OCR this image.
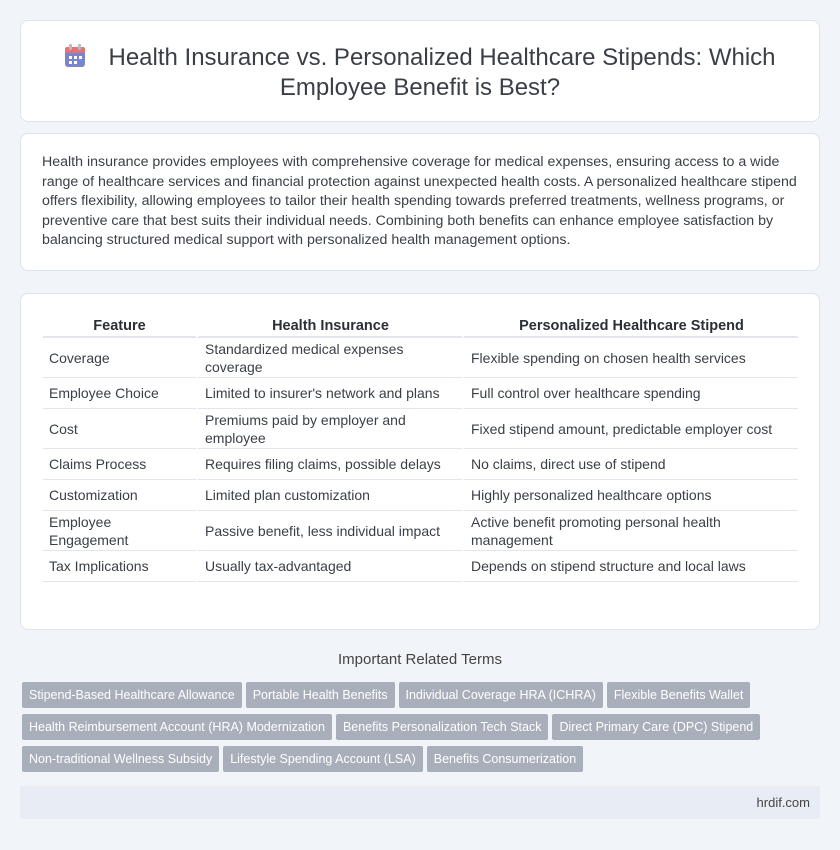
Health Insurance vs. Personalized Healthcare Stipends: Which
Employee Benefit is Best?

Health insurance provides employees with comprehensive coverage for medical expenses, ensuring access to a wide range of healthcare services and financial protection against unexpected health costs. A personalized healthcare stipend offers flexibility, allowing employees to tailor their health spending towards preferred treatments, wellness programs, or preventive care that best suits their individual needs. Combining both benefits can enhance employee satisfaction by balancing structured medical support with personalized health management options.

Feature	Health Insurance	Personalized Healthcare Stipend
Coverage	Standardized medical expenses coverage	Flexible spending on chosen health services
Employee Choice	Limited to insurer's network and plans	Full control over healthcare spending
Cost	Premiums paid by employer and employee	Fixed stipend amount, predictable employer cost
Claims Process	Requires filing claims, possible delays	No claims, direct use of stipend
Customization	Limited plan customization	Highly personalized healthcare options
Employee Engagement	Passive benefit, less individual impact	Active benefit promoting personal health management
Tax Implications	Usually tax-advantaged	Depends on stipend structure and local laws
Important Related Terms
Stipend-Based Healthcare Allowance Portable Health Benefits Individual Coverage HRA (ICHRA) Flexible Benefits Wallet
Health Reimbursement Account (HRA) Modernization Benefits Personalization Tech Stack Direct Primary Care (DPC) Stipend
Non-traditional Wellness Subsidy Lifestyle Spending Account (LSA) Benefits Consumerization
hrdif.com
